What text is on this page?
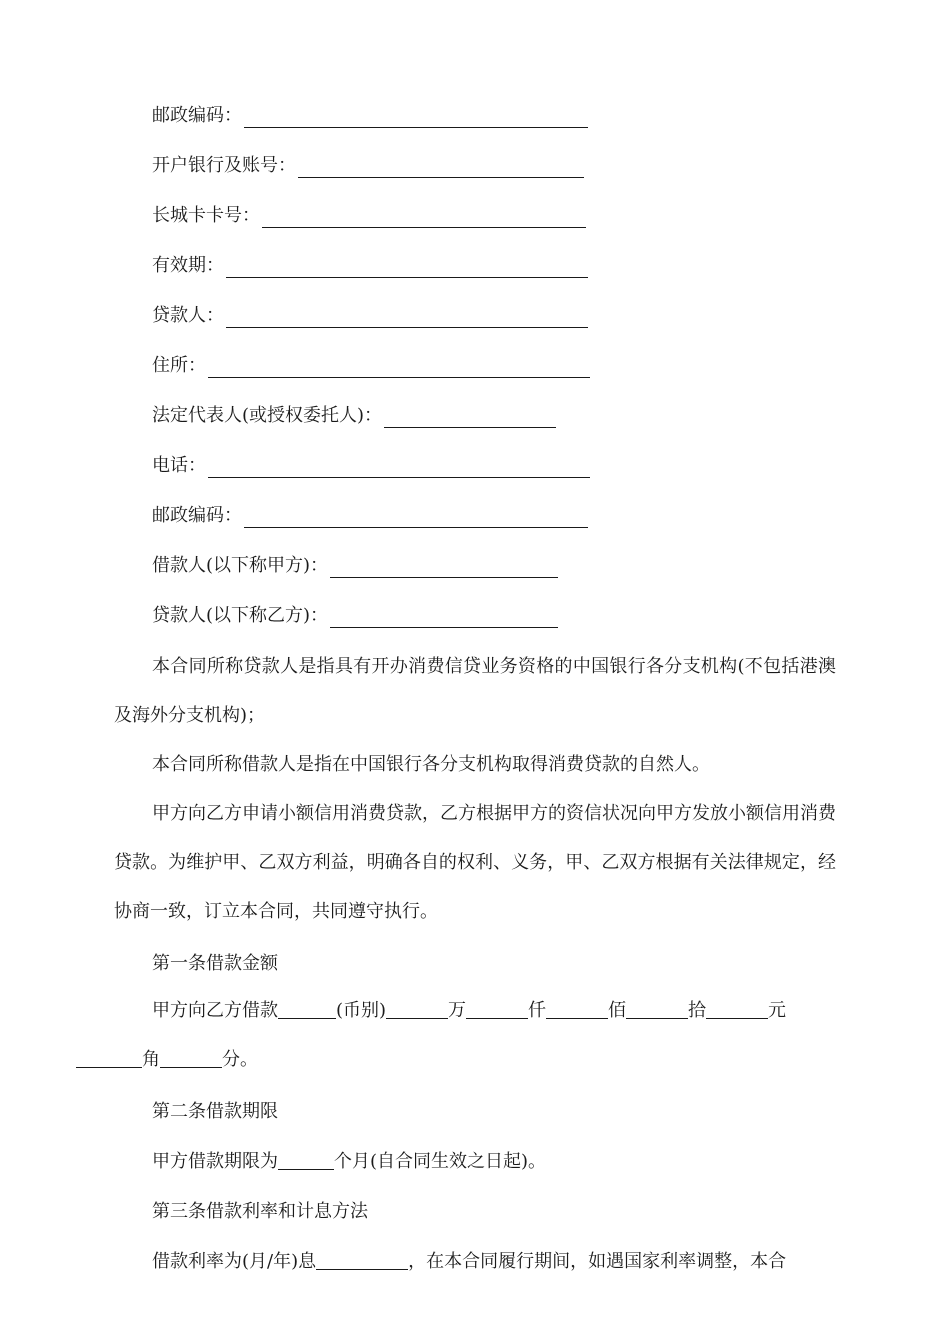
邮政编码：
开户银行及账号：
长城卡卡号：
有效期：
贷款人：
住所：
法定代表人(或授权委托人)：
电话：
邮政编码：
借款人(以下称甲方)：
贷款人(以下称乙方)：

本合同所称贷款人是指具有开办消费信贷业务资格的中国银行各分支机构(不包括港澳及海外分支机构)；

本合同所称借款人是指在中国银行各分支机构取得消费贷款的自然人。

甲方向乙方申请小额信用消费贷款，乙方根据甲方的资信状况向甲方发放小额信用消费贷款。为维护甲、乙双方利益，明确各自的权利、义务，甲、乙双方根据有关法律规定，经协商一致，订立本合同，共同遵守执行。

第一条借款金额

甲方向乙方借款	(币别)	万	仟	佰	拾	元
角	分。

第二条借款期限
甲方借款期限为	个月(自合同生效之日起)。
第三条借款利率和计息方法
借款利率为(月/年)息	，在本合同履行期间，如遇国家利率调整，本合
